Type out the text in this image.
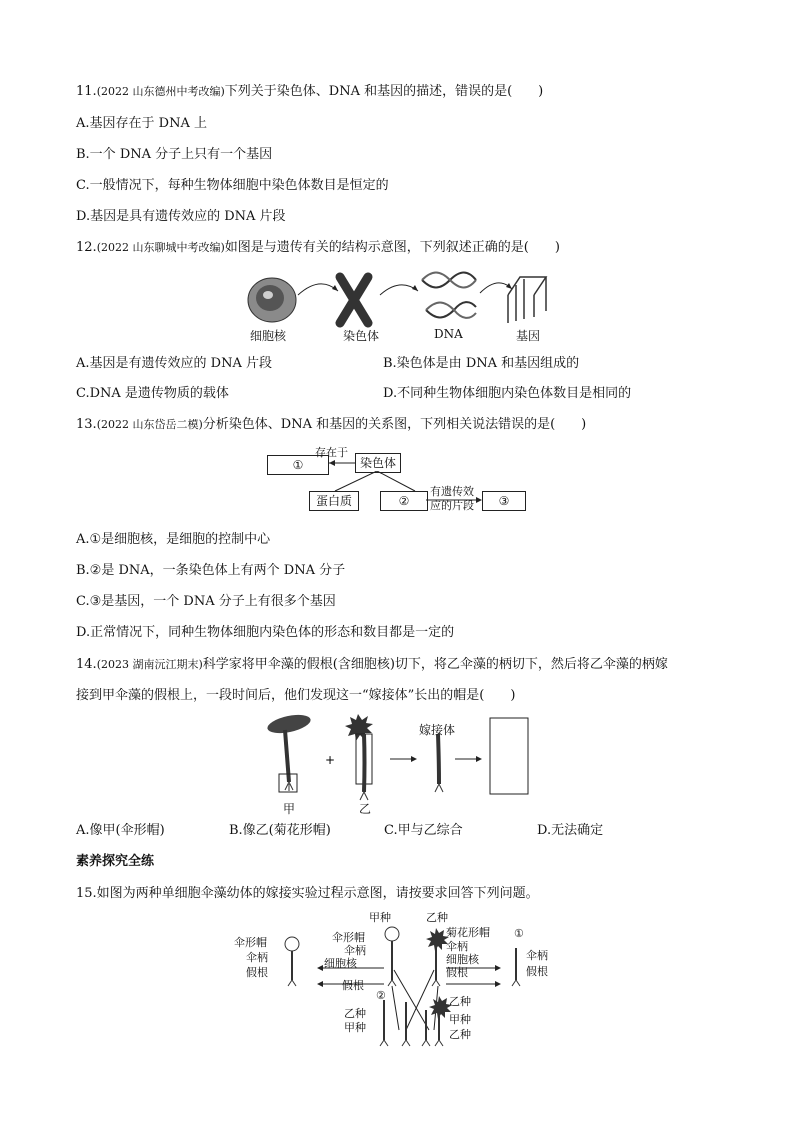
11.(2022 山东德州中考改编)下列关于染色体、DNA 和基因的描述，错误的是(　　)
A.基因存在于 DNA 上
B.一个 DNA 分子上只有一个基因
C.一般情况下，每种生物体细胞中染色体数目是恒定的
D.基因是具有遗传效应的 DNA 片段
12.(2022 山东聊城中考改编)如图是与遗传有关的结构示意图，下列叙述正确的是(　　)
细胞核	染色体	DNA	基因
A.基因是有遗传效应的 DNA 片段	B.染色体是由 DNA 和基因组成的
C.DNA 是遗传物质的载体	D.不同种生物体细胞内染色体数目是相同的
13.(2022 山东岱岳二模)分析染色体、DNA 和基因的关系图，下列相关说法错误的是(　　)
①
存在于
染色体
蛋白质	②
有遗传效
应的片段	③
A.①是细胞核，是细胞的控制中心
B.②是 DNA，一条染色体上有两个 DNA 分子
C.③是基因，一个 DNA 分子上有很多个基因
D.正常情况下，同种生物体细胞内染色体的形态和数目都是一定的
14.(2023 湖南沅江期末)科学家将甲伞藻的假根(含细胞核)切下，将乙伞藻的柄切下，然后将乙伞藻的柄嫁
接到甲伞藻的假根上，一段时间后，他们发现这一“嫁接体”长出的帽是(　　)
+
嫁接体
甲	乙
A.像甲(伞形帽)	B.像乙(菊花形帽)	C.甲与乙综合	D.无法确定
素养探究全练
15.如图为两种单细胞伞藻幼体的嫁接实验过程示意图，请按要求回答下列问题。
甲种	乙种
伞形帽
伞柄
假根
伞形帽
伞柄
细胞核
假根
菊花形帽
伞柄
细胞核
假根
①
伞柄
假根
②
乙种
甲种
乙种
甲种
乙种
